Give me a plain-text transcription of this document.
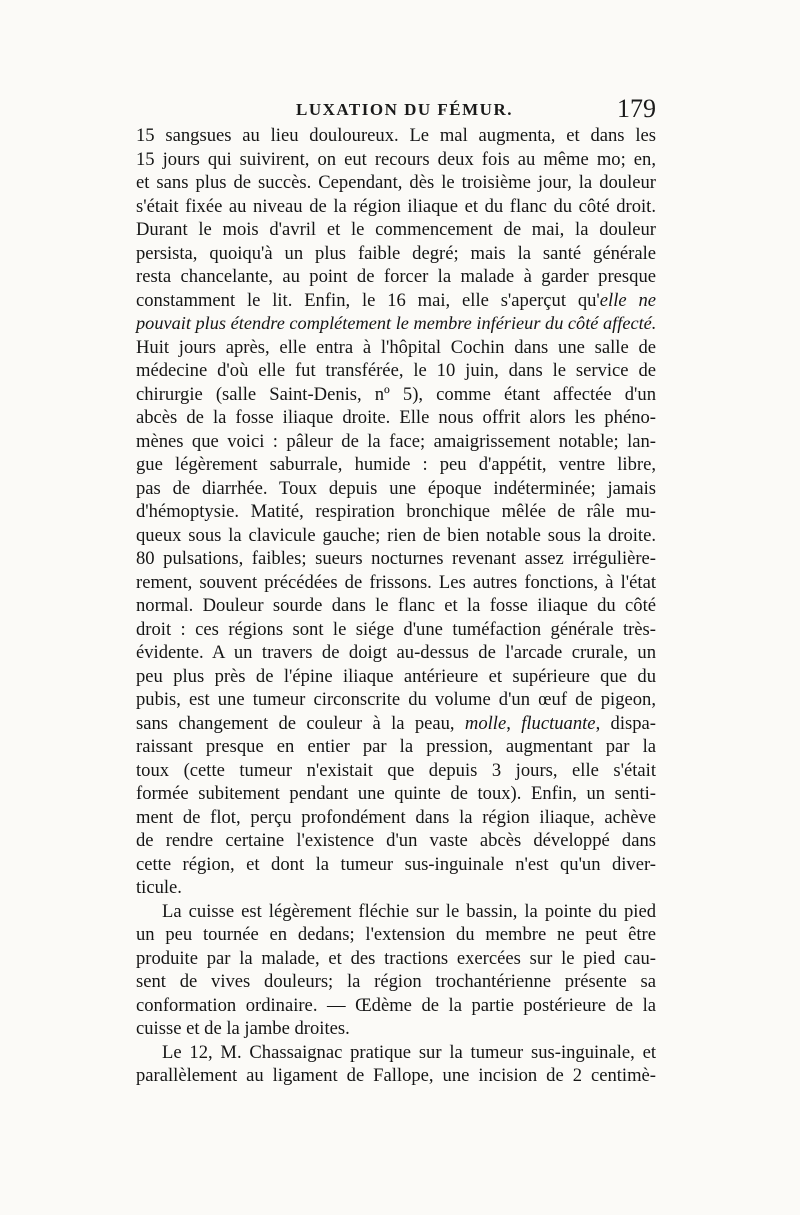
LUXATION DU FÉMUR.	179
15 sangsues au lieu douloureux. Le mal augmenta, et dans les
15 jours qui suivirent, on eut recours deux fois au même mo; en,
et sans plus de succès. Cependant, dès le troisième jour, la douleur
s'était fixée au niveau de la région iliaque et du flanc du côté droit.
Durant le mois d'avril et le commencement de mai, la douleur
persista, quoiqu'à un plus faible degré; mais la santé générale
resta chancelante, au point de forcer la malade à garder presque
constamment le lit. Enfin, le 16 mai, elle s'aperçut qu'elle ne
pouvait plus étendre complétement le membre inférieur du côté affecté.
Huit jours après, elle entra à l'hôpital Cochin dans une salle de
médecine d'où elle fut transférée, le 10 juin, dans le service de
chirurgie (salle Saint-Denis, nº 5), comme étant affectée d'un
abcès de la fosse iliaque droite. Elle nous offrit alors les phéno-
mènes que voici : pâleur de la face; amaigrissement notable; lan-
gue légèrement saburrale, humide : peu d'appétit, ventre libre,
pas de diarrhée. Toux depuis une époque indéterminée; jamais
d'hémoptysie. Matité, respiration bronchique mêlée de râle mu-
queux sous la clavicule gauche; rien de bien notable sous la droite.
80 pulsations, faibles; sueurs nocturnes revenant assez irrégulière-
rement, souvent précédées de frissons. Les autres fonctions, à l'état
normal. Douleur sourde dans le flanc et la fosse iliaque du côté
droit : ces régions sont le siége d'une tuméfaction générale très-
évidente. A un travers de doigt au-dessus de l'arcade crurale, un
peu plus près de l'épine iliaque antérieure et supérieure que du
pubis, est une tumeur circonscrite du volume d'un œuf de pigeon,
sans changement de couleur à la peau, molle, fluctuante, dispa-
raissant presque en entier par la pression, augmentant par la
toux (cette tumeur n'existait que depuis 3 jours, elle s'était
formée subitement pendant une quinte de toux). Enfin, un senti-
ment de flot, perçu profondément dans la région iliaque, achève
de rendre certaine l'existence d'un vaste abcès développé dans
cette région, et dont la tumeur sus-inguinale n'est qu'un diver-
ticule.
La cuisse est légèrement fléchie sur le bassin, la pointe du pied
un peu tournée en dedans; l'extension du membre ne peut être
produite par la malade, et des tractions exercées sur le pied cau-
sent de vives douleurs; la région trochantérienne présente sa
conformation ordinaire. — Œdème de la partie postérieure de la
cuisse et de la jambe droites.
Le 12, M. Chassaignac pratique sur la tumeur sus-inguinale, et
parallèlement au ligament de Fallope, une incision de 2 centimè-
